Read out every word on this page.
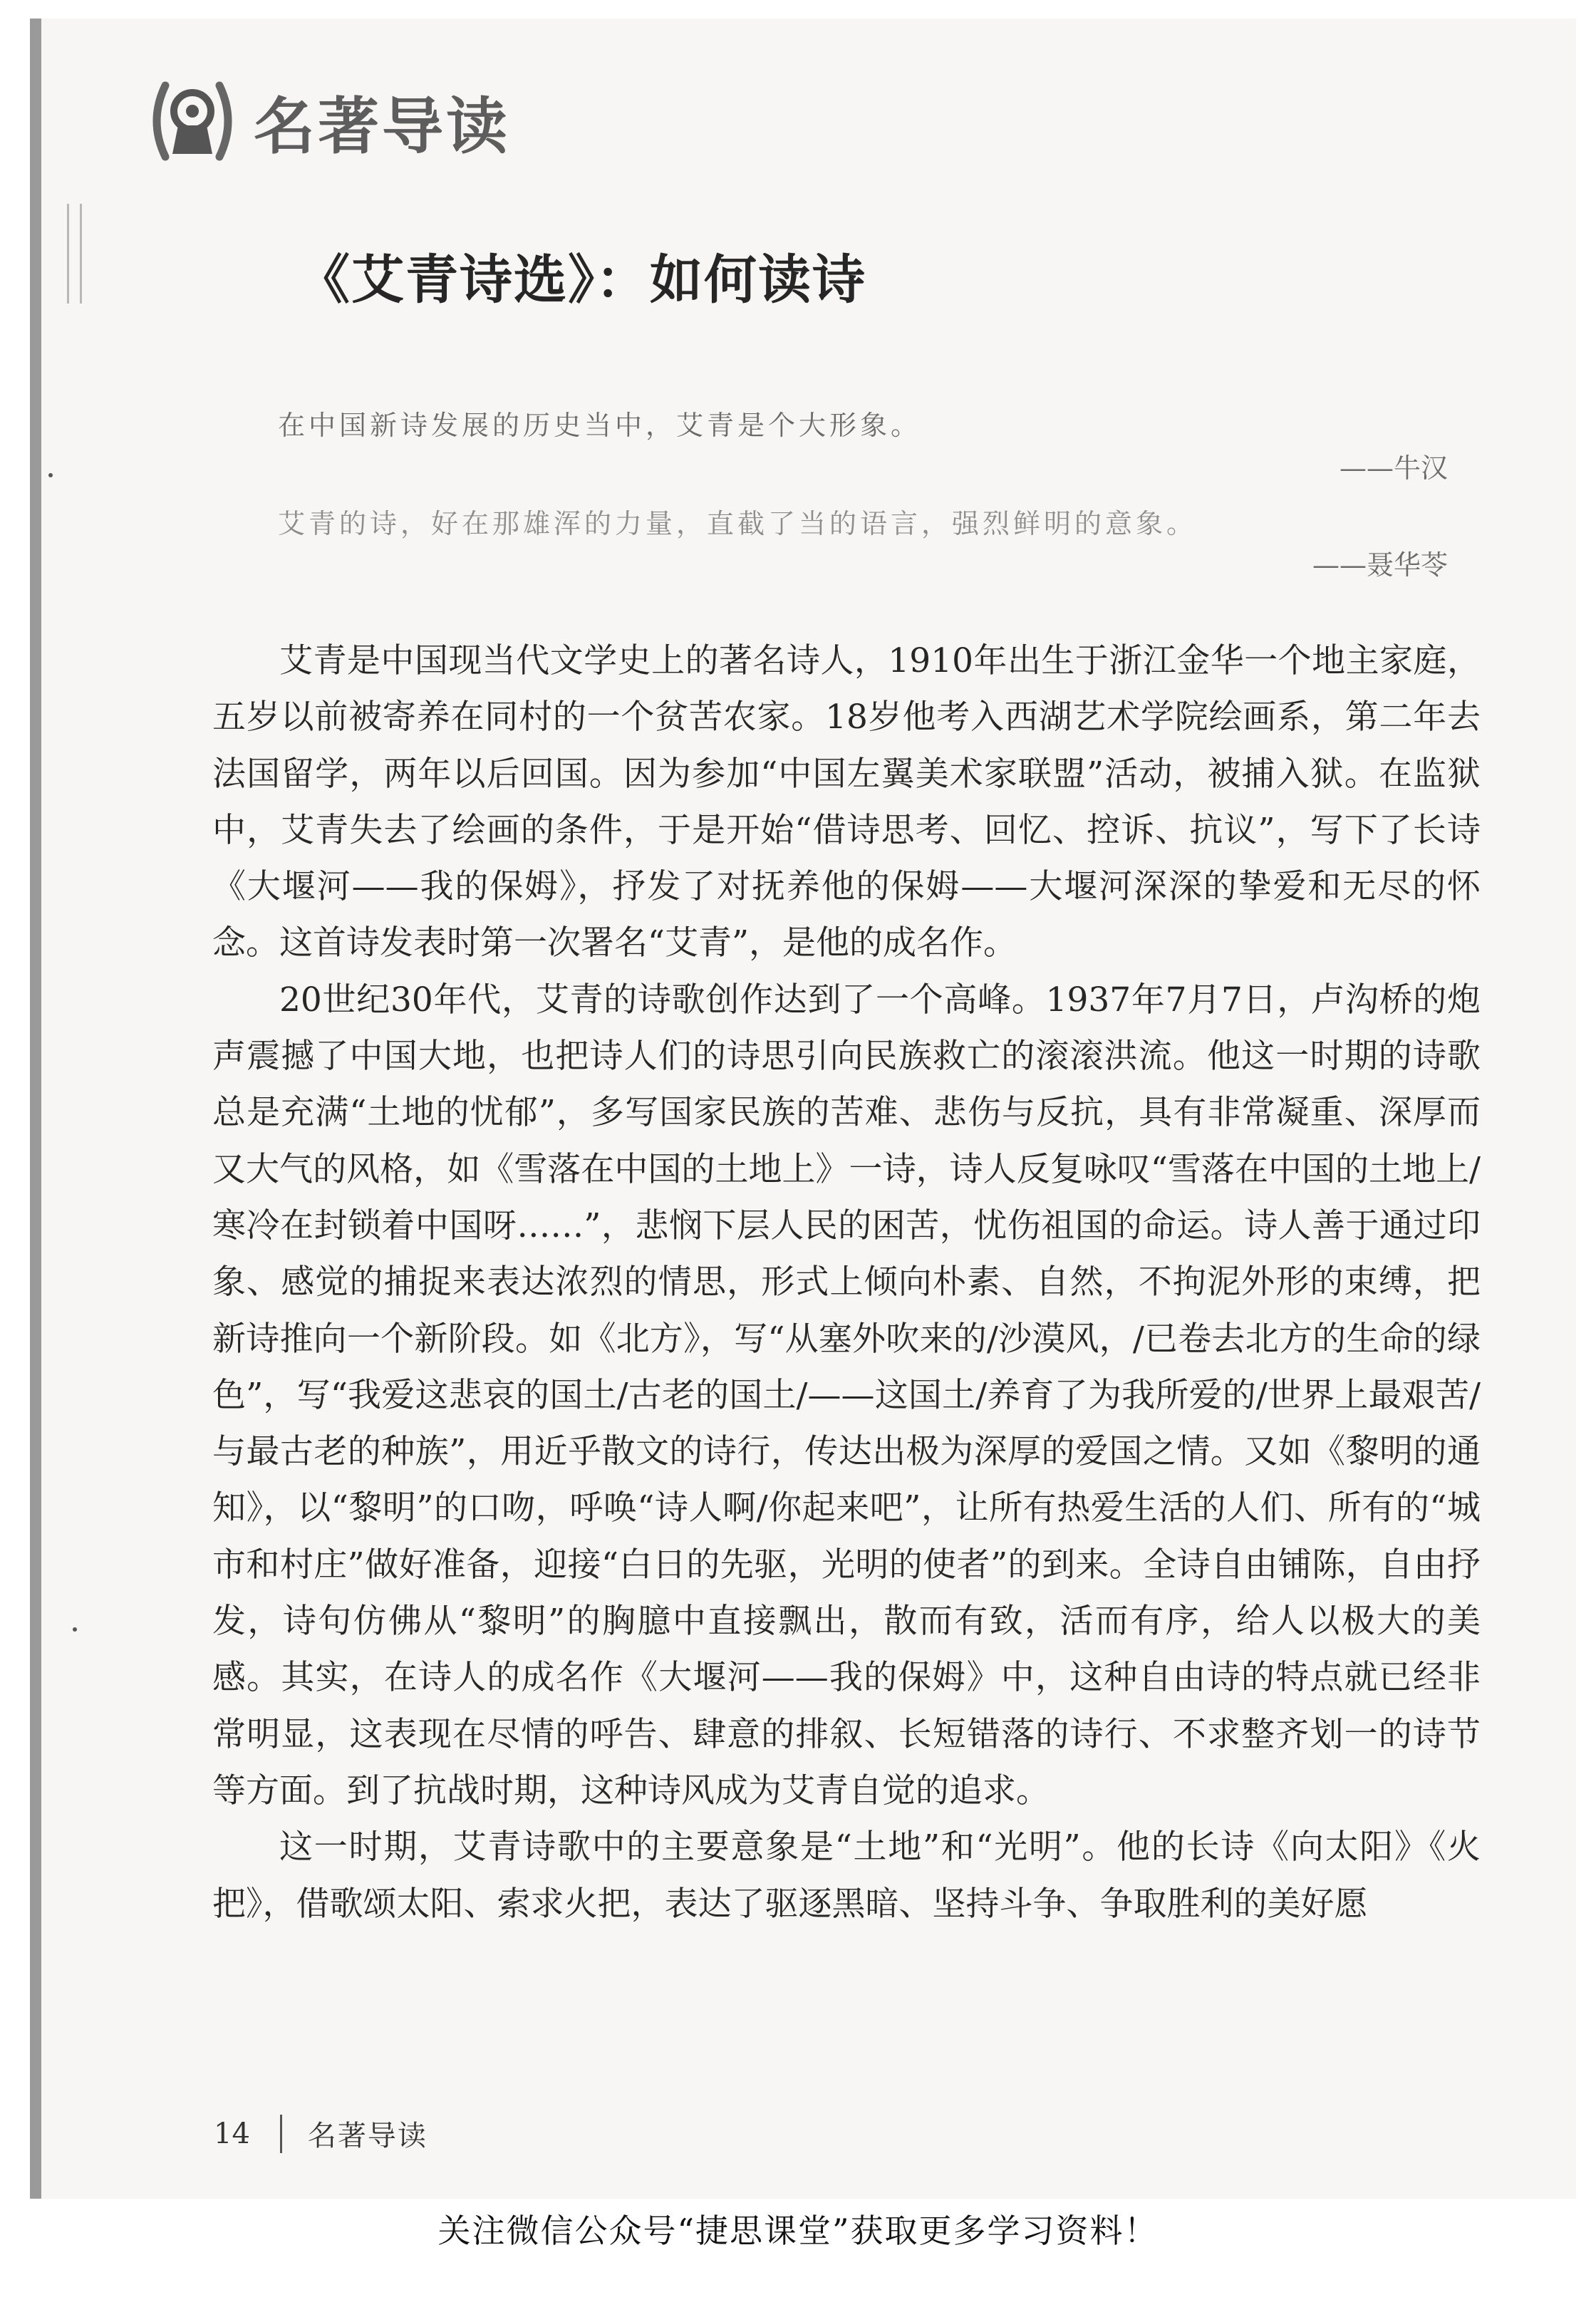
名著导读
《艾青诗选》：如何读诗
在中国新诗发展的历史当中，艾青是个大形象。
——牛汉
艾青的诗，好在那雄浑的力量，直截了当的语言，强烈鲜明的意象。
——聂华苓

艾青是中国现当代文学史上的著名诗人，1910年出生于浙江金华一个地主家庭，五岁以前被寄养在同村的一个贫苦农家。18岁他考入西湖艺术学院绘画系，第二年去法国留学，两年以后回国。因为参加“中国左翼美术家联盟”活动，被捕入狱。在监狱中，艾青失去了绘画的条件，于是开始“借诗思考、回忆、控诉、抗议”，写下了长诗《大堰河——我的保姆》，抒发了对抚养他的保姆——大堰河深深的挚爱和无尽的怀念。这首诗发表时第一次署名“艾青”，是他的成名作。

20世纪30年代，艾青的诗歌创作达到了一个高峰。1937年7月7日，卢沟桥的炮声震撼了中国大地，也把诗人们的诗思引向民族救亡的滚滚洪流。他这一时期的诗歌总是充满“土地的忧郁”，多写国家民族的苦难、悲伤与反抗，具有非常凝重、深厚而又大气的风格，如《雪落在中国的土地上》一诗，诗人反复咏叹“雪落在中国的土地上/寒冷在封锁着中国呀……”，悲悯下层人民的困苦，忧伤祖国的命运。诗人善于通过印象、感觉的捕捉来表达浓烈的情思，形式上倾向朴素、自然，不拘泥外形的束缚，把新诗推向一个新阶段。如《北方》，写“从塞外吹来的/沙漠风，/已卷去北方的生命的绿色”，写“我爱这悲哀的国土/古老的国土/——这国土/养育了为我所爱的/世界上最艰苦/与最古老的种族”，用近乎散文的诗行，传达出极为深厚的爱国之情。又如《黎明的通知》，以“黎明”的口吻，呼唤“诗人啊/你起来吧”，让所有热爱生活的人们、所有的“城市和村庄”做好准备，迎接“白日的先驱，光明的使者”的到来。全诗自由铺陈，自由抒发，诗句仿佛从“黎明”的胸臆中直接飘出，散而有致，活而有序，给人以极大的美感。其实，在诗人的成名作《大堰河——我的保姆》中，这种自由诗的特点就已经非常明显，这表现在尽情的呼告、肆意的排叙、长短错落的诗行、不求整齐划一的诗节等方面。到了抗战时期，这种诗风成为艾青自觉的追求。

这一时期，艾青诗歌中的主要意象是“土地”和“光明”。他的长诗《向太阳》《火把》，借歌颂太阳、索求火把，表达了驱逐黑暗、坚持斗争、争取胜利的美好愿

14 名著导读
关注微信公众号“捷思课堂”获取更多学习资料！
